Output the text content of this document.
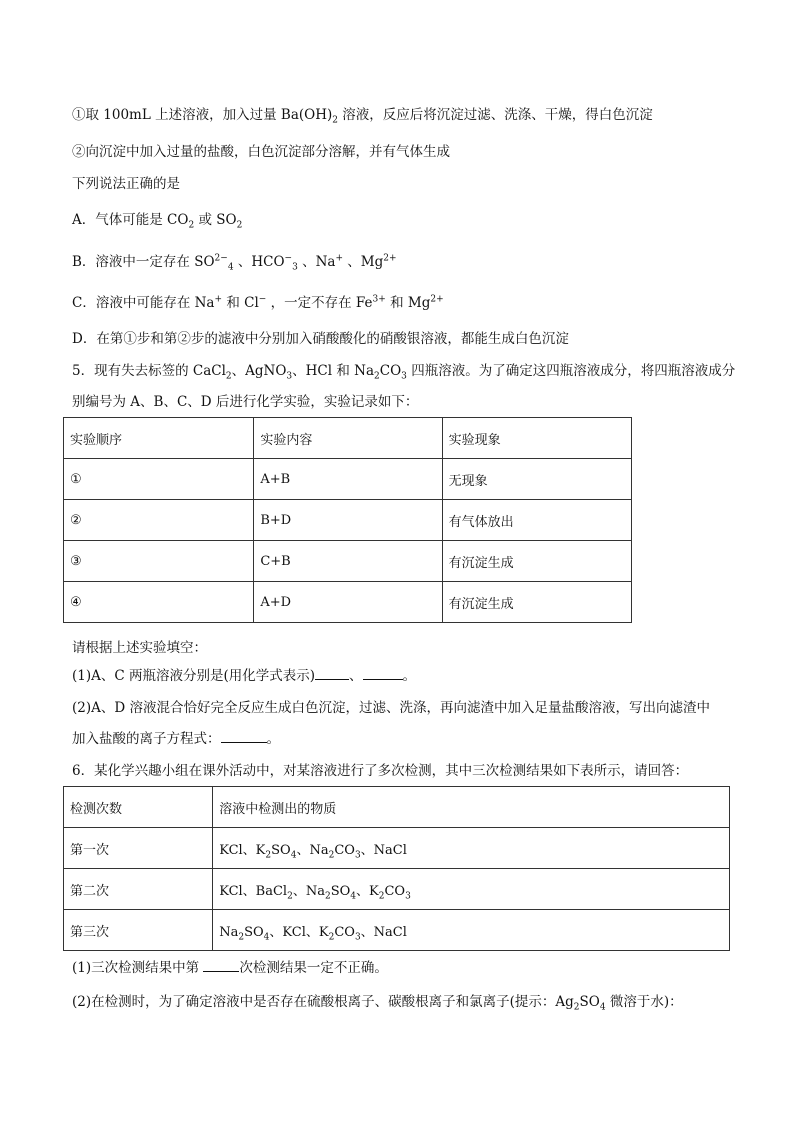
①取 100mL 上述溶液，加入过量 $Ba(OH)_2$ 溶液，反应后将沉淀过滤、洗涤、干燥，得白色沉淀
②向沉淀中加入过量的盐酸，白色沉淀部分溶解，并有气体生成
下列说法正确的是
A．气体可能是 $CO_2$ 或 $SO_2$
B．溶液中一定存在 $SO^{2-}_4$ 、$HCO^-_3$ 、Na+ 、$Mg^{2+}$
C．溶液中可能存在 Na+ 和 Cl− ，一定不存在 $Fe^{3+}$ 和 $Mg^{2+}$
D．在第①步和第②步的滤液中分别加入硝酸酸化的硝酸银溶液，都能生成白色沉淀
5．现有失去标签的 CaCl$_2$、AgNO$_3$、HCl 和 $Na_2CO_3$ 四瓶溶液。为了确定这四瓶溶液成分，将四瓶溶液成分
别编号为 A、B、C、D 后进行化学实验，实验记录如下：
实验顺序	实验内容	实验现象
①	A+B	无现象
②	B+D	有气体放出
③	C+B	有沉淀生成
④	A+D	有沉淀生成
请根据上述实验填空：
(1)A、C 两瓶溶液分别是(用化学式表示)	、	。
(2)A、D 溶液混合恰好完全反应生成白色沉淀，过滤、洗涤，再向滤渣中加入足量盐酸溶液，写出向滤渣中
加入盐酸的离子方程式：	。
6．某化学兴趣小组在课外活动中，对某溶液进行了多次检测，其中三次检测结果如下表所示，请回答：
检测次数	溶液中检测出的物质
第一次	KCl、$K_2SO_4$、$Na_2CO_3$、NaCl
第二次	KCl、BaCl$_2$、$Na_2SO_4$、$K_2CO_3$
第三次	$Na_2SO_4$、KCl、$K_2CO_3$、NaCl
(1)三次检测结果中第	次检测结果一定不正确。
(2)在检测时，为了确定溶液中是否存在硫酸根离子、碳酸根离子和氯离子(提示：$Ag_2SO_4$ 微溶于水)：
